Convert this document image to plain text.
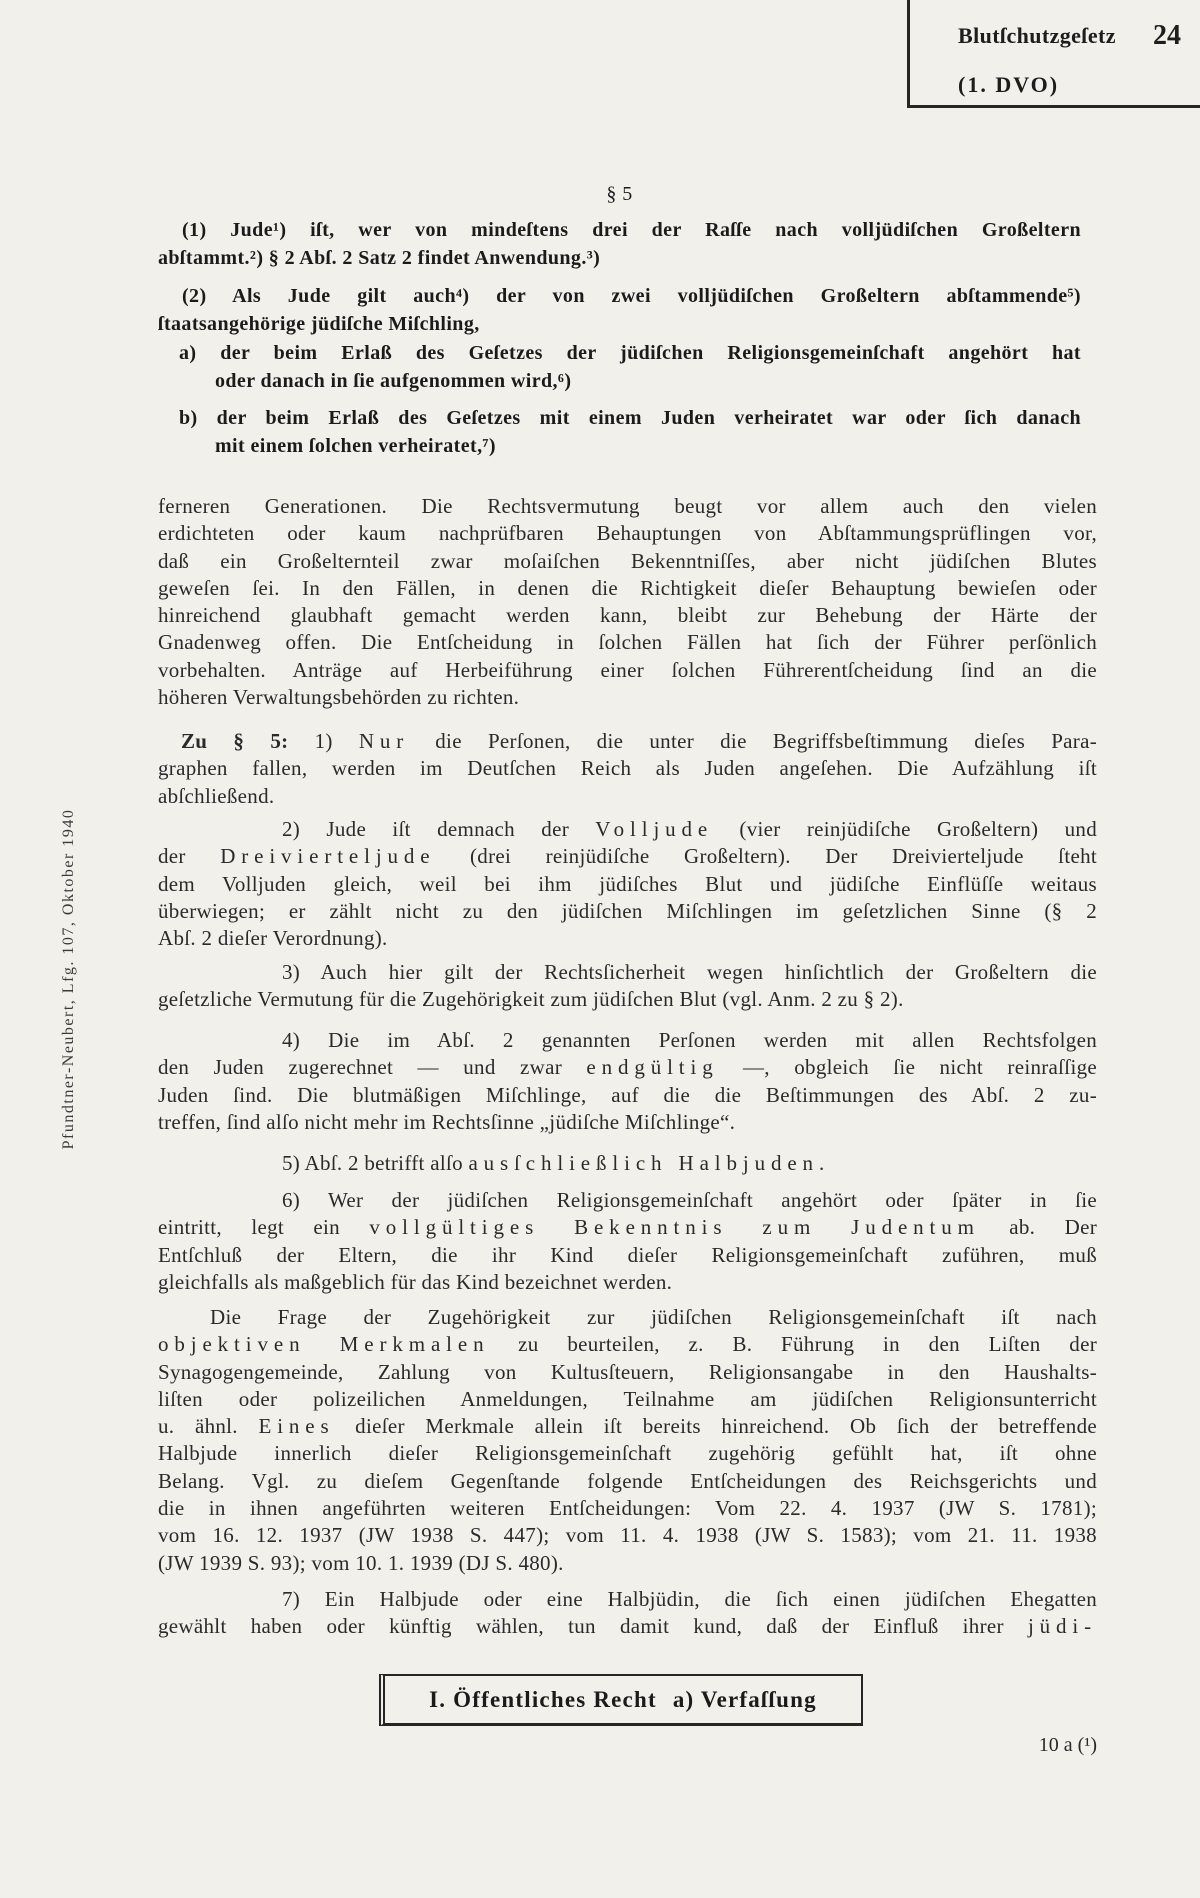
Blutſchutzgeſetz 24
(1. DVO)
Pfundtner-Neubert, Lfg. 107, Oktober 1940
§ 5
(1) Jude¹) iſt, wer von mindeſtens drei der Raſſe nach volljüdiſchen Großeltern
abſtammt.²) § 2 Abſ. 2 Satz 2 findet Anwendung.³)
(2) Als Jude gilt auch⁴) der von zwei volljüdiſchen Großeltern abſtammende⁵)
ſtaatsangehörige jüdiſche Miſchling,
a) der beim Erlaß des Geſetzes der jüdiſchen Religionsgemeinſchaft angehört hat
oder danach in ſie aufgenommen wird,⁶)
b) der beim Erlaß des Geſetzes mit einem Juden verheiratet war oder ſich danach
mit einem ſolchen verheiratet,⁷)
ferneren Generationen. Die Rechtsvermutung beugt vor allem auch den vielen
erdichteten oder kaum nachprüfbaren Behauptungen von Abſtammungsprüflingen vor,
daß ein Großelternteil zwar moſaiſchen Bekenntniſſes, aber nicht jüdiſchen Blutes
geweſen ſei. In den Fällen, in denen die Richtigkeit dieſer Behauptung bewieſen oder
hinreichend glaubhaft gemacht werden kann, bleibt zur Behebung der Härte der
Gnadenweg offen. Die Entſcheidung in ſolchen Fällen hat ſich der Führer perſönlich
vorbehalten. Anträge auf Herbeiführung einer ſolchen Führerentſcheidung ſind an die
höheren Verwaltungsbehörden zu richten.
Zu § 5: 1) Nur die Perſonen, die unter die Begriffsbeſtimmung dieſes Para-
graphen fallen, werden im Deutſchen Reich als Juden angeſehen. Die Aufzählung iſt
abſchließend.
2) Jude iſt demnach der Volljude (vier reinjüdiſche Großeltern) und
der Dreivierteljude (drei reinjüdiſche Großeltern). Der Dreivierteljude ſteht
dem Volljuden gleich, weil bei ihm jüdiſches Blut und jüdiſche Einflüſſe weitaus
überwiegen; er zählt nicht zu den jüdiſchen Miſchlingen im geſetzlichen Sinne (§ 2
Abſ. 2 dieſer Verordnung).
3) Auch hier gilt der Rechtsſicherheit wegen hinſichtlich der Großeltern die
geſetzliche Vermutung für die Zugehörigkeit zum jüdiſchen Blut (vgl. Anm. 2 zu § 2).
4) Die im Abſ. 2 genannten Perſonen werden mit allen Rechtsfolgen
den Juden zugerechnet — und zwar endgültig —, obgleich ſie nicht reinraſſige
Juden ſind. Die blutmäßigen Miſchlinge, auf die die Beſtimmungen des Abſ. 2 zu-
treffen, ſind alſo nicht mehr im Rechtsſinne „jüdiſche Miſchlinge“.
5) Abſ. 2 betrifft alſo ausſchließlich Halbjuden.
6) Wer der jüdiſchen Religionsgemeinſchaft angehört oder ſpäter in ſie
eintritt, legt ein vollgültiges Bekenntnis zum Judentum ab. Der
Entſchluß der Eltern, die ihr Kind dieſer Religionsgemeinſchaft zuführen, muß
gleichfalls als maßgeblich für das Kind bezeichnet werden.
Die Frage der Zugehörigkeit zur jüdiſchen Religionsgemeinſchaft iſt nach
objektiven Merkmalen zu beurteilen, z. B. Führung in den Liſten der
Synagogengemeinde, Zahlung von Kultusſteuern, Religionsangabe in den Haushalts-
liſten oder polizeilichen Anmeldungen, Teilnahme am jüdiſchen Religionsunterricht
u. ähnl. Eines dieſer Merkmale allein iſt bereits hinreichend. Ob ſich der betreffende
Halbjude innerlich dieſer Religionsgemeinſchaft zugehörig gefühlt hat, iſt ohne
Belang. Vgl. zu dieſem Gegenſtande folgende Entſcheidungen des Reichsgerichts und
die in ihnen angeführten weiteren Entſcheidungen: Vom 22. 4. 1937 (JW S. 1781);
vom 16. 12. 1937 (JW 1938 S. 447); vom 11. 4. 1938 (JW S. 1583); vom 21. 11. 1938
(JW 1939 S. 93); vom 10. 1. 1939 (DJ S. 480).
7) Ein Halbjude oder eine Halbjüdin, die ſich einen jüdiſchen Ehegatten
gewählt haben oder künftig wählen, tun damit kund, daß der Einfluß ihrer jüdi-
I. Öffentliches Recht a) Verfaſſung
10 a (¹)
